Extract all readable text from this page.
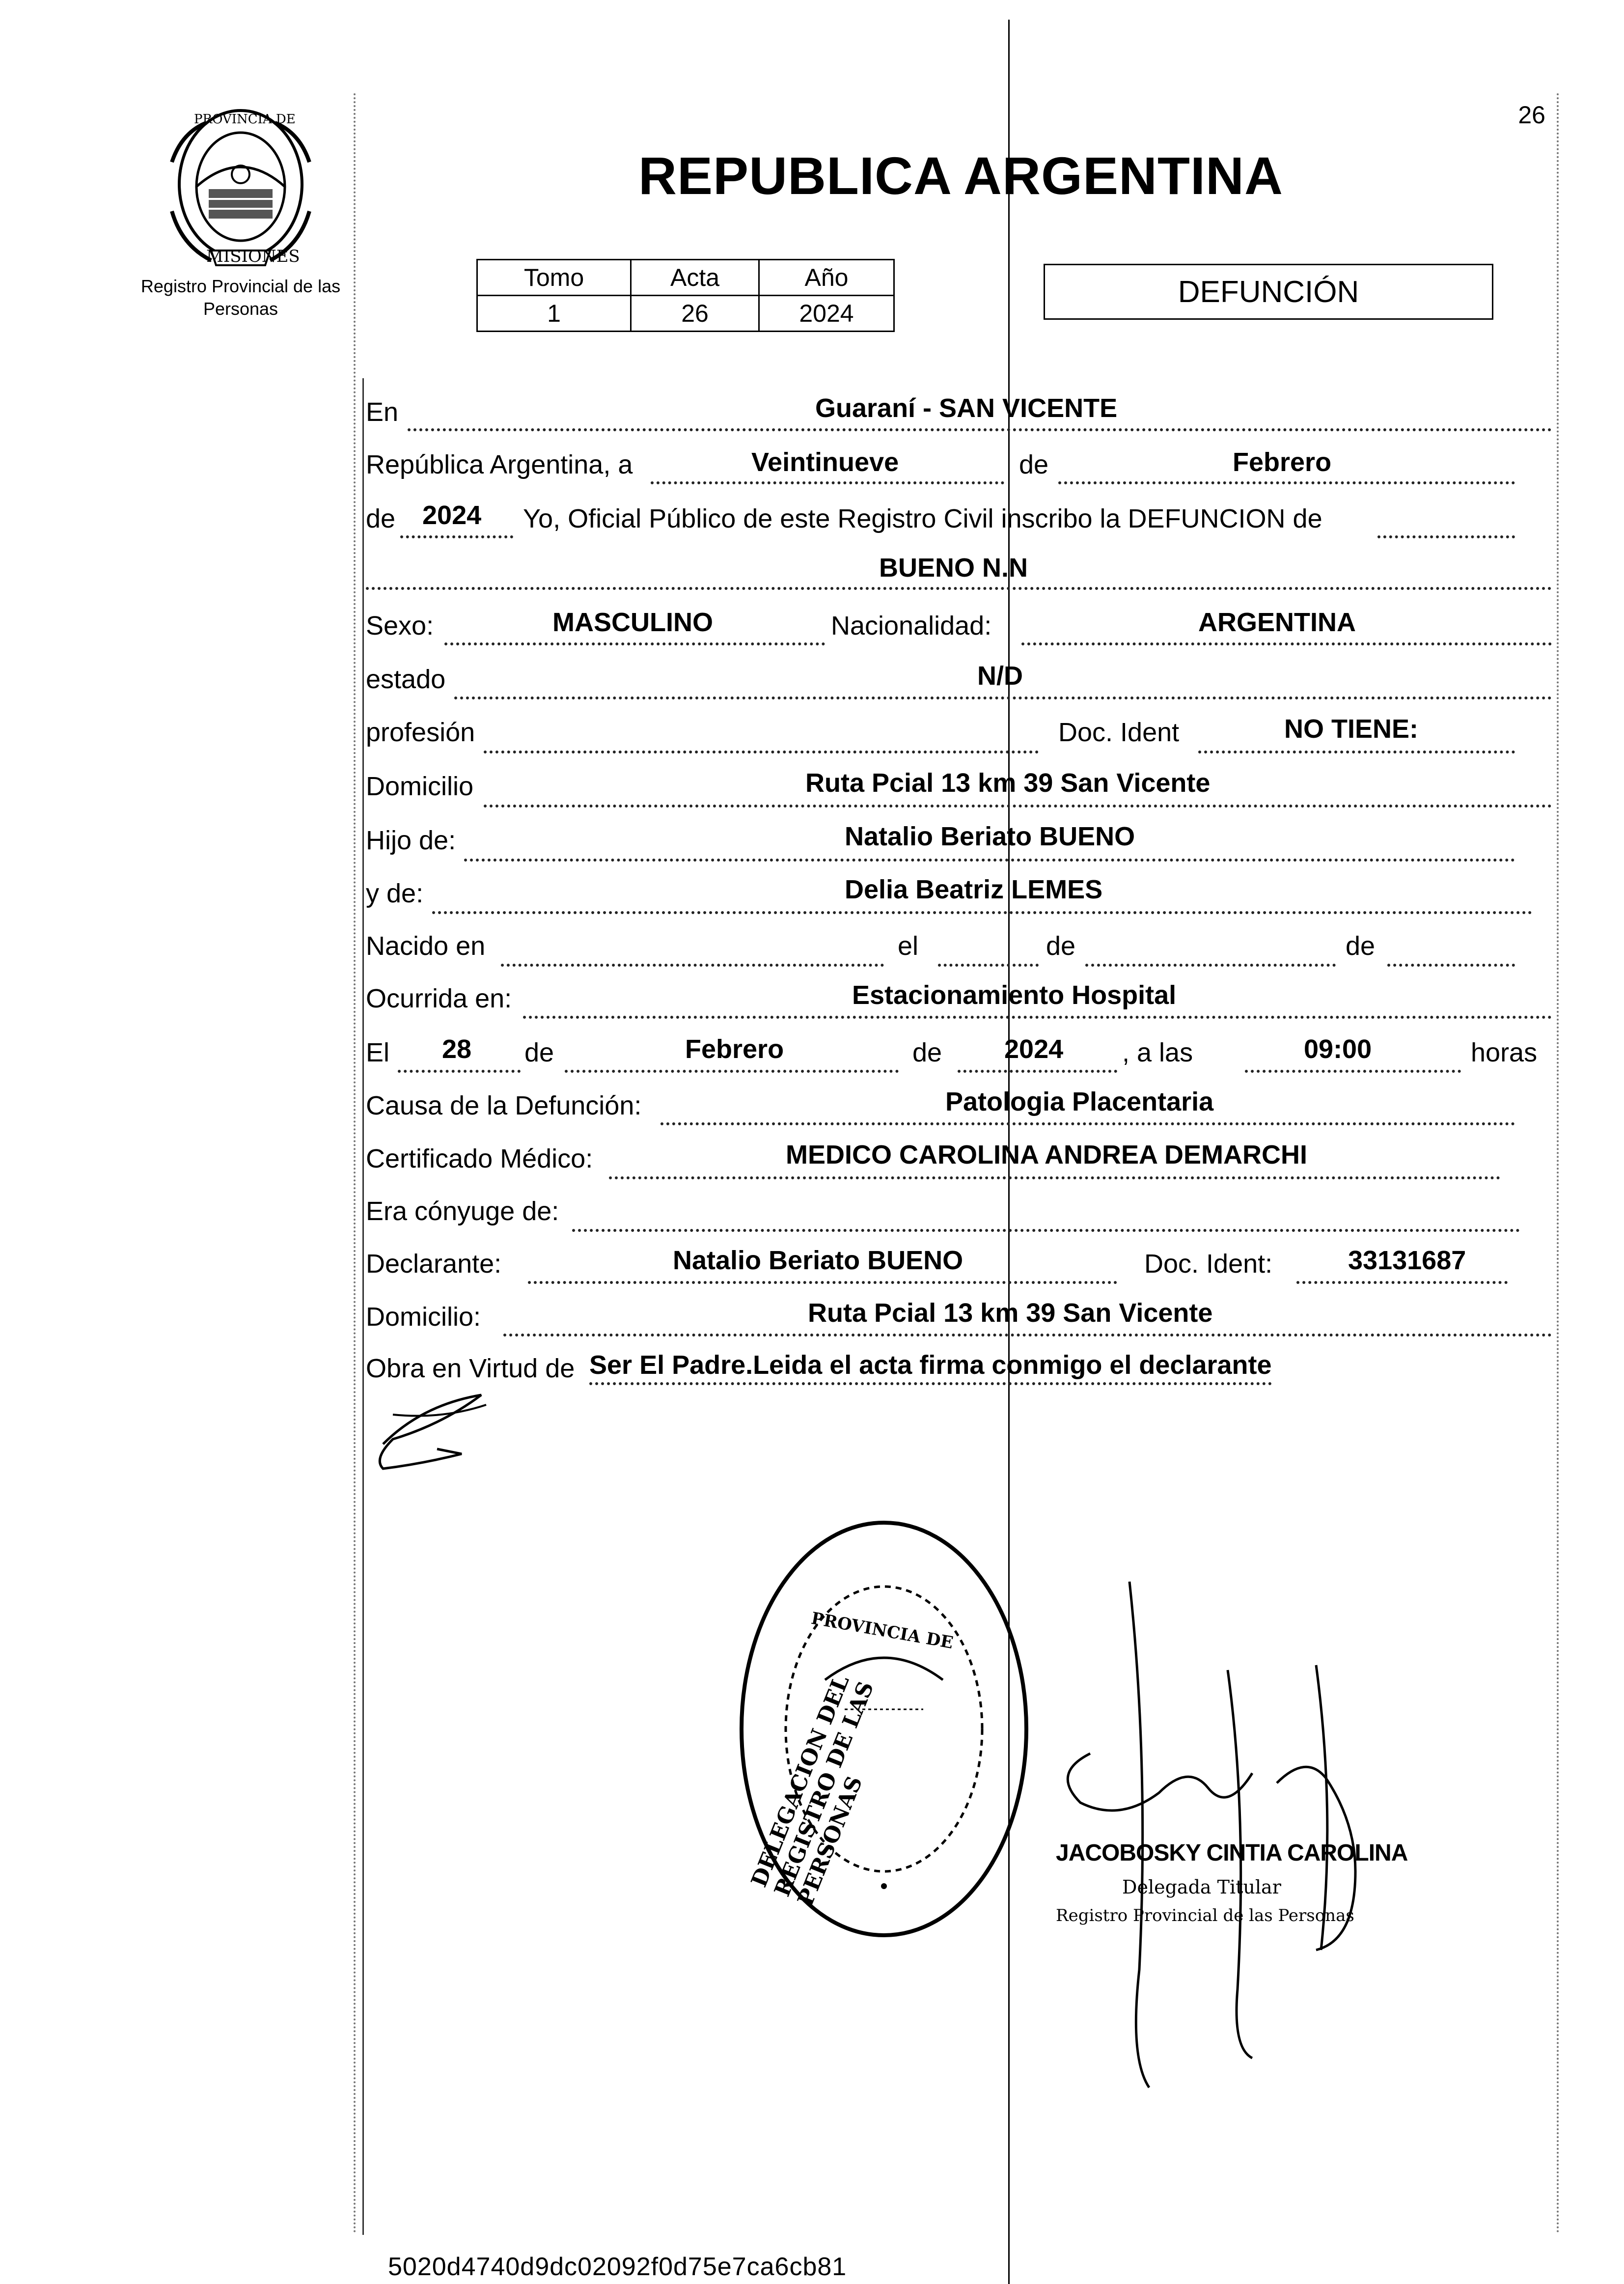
PROVINCIA DE
MISIONES
Registro Provincial de las Personas
26
REPUBLICA ARGENTINA
Tomo	Acta	Año
1	26	2024
DEFUNCIÓN
En	Guaraní - SAN VICENTE
República Argentina, a	Veintinueve	de	Febrero
de 2024 Yo, Oficial Público de este Registro Civil inscribo la DEFUNCION de
BUENO N.N
Sexo:	MASCULINO	Nacionalidad:	ARGENTINA
estado	N/D
profesión	Doc. Ident	NO TIENE:
Domicilio	Ruta Pcial 13 km 39 San Vicente
Hijo de:	Natalio Beriato BUENO
y de:	Delia Beatriz LEMES
Nacido en	el	de	de
Ocurrida en:	Estacionamiento Hospital
El 28 de	Febrero	de 2024 , a las	09:00	horas
Causa de la Defunción:	Patologia Placentaria
Certificado Médico:	MEDICO CAROLINA ANDREA DEMARCHI
Era cónyuge de:
Declarante:	Natalio Beriato BUENO	Doc. Ident:	33131687
Domicilio:	Ruta Pcial 13 km 39 San Vicente
Obra en Virtud de Ser El Padre.Leida el acta firma conmigo el declarante
DELEGACION DEL REGISTRO DE LAS PERSONAS
PROVINCIA DE
JACOBOSKY CINTIA CAROLINA
Delegada Titular
Registro Provincial de las Personas
5020d4740d9dc02092f0d75e7ca6cb81
